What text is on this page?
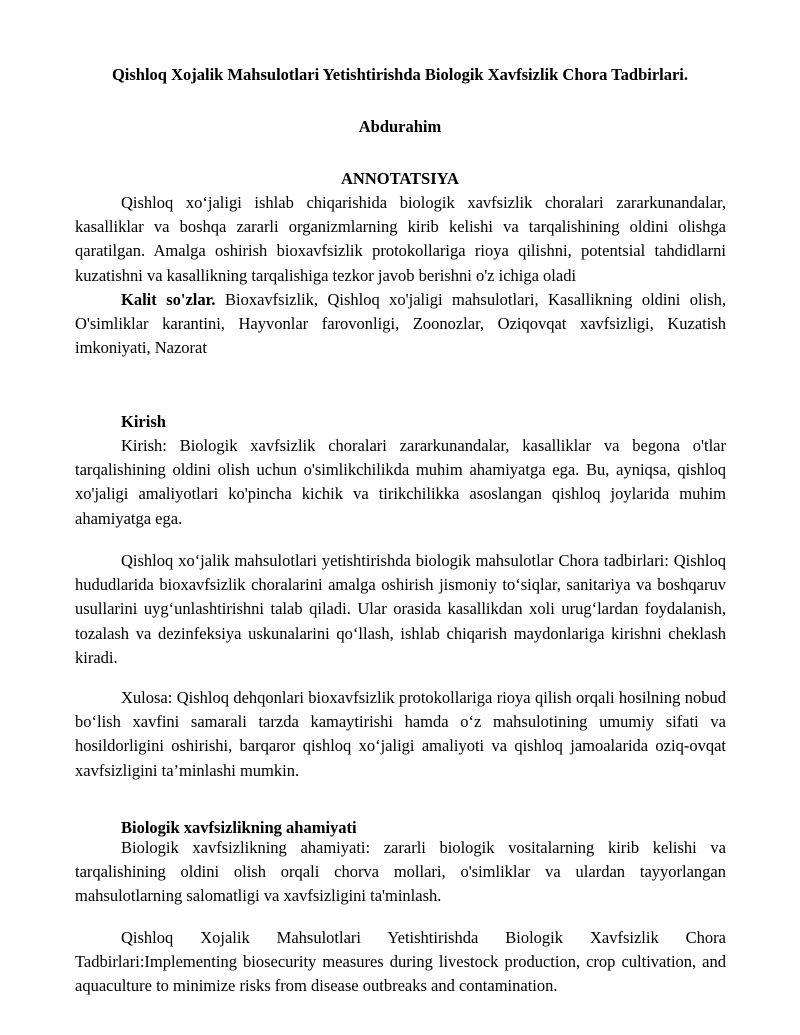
Qishloq Xojalik Mahsulotlari Yetishtirishda Biologik Xavfsizlik Chora Tadbirlari.
Abdurahim
ANNOTATSIYA

Qishloq xo‘jaligi ishlab chiqarishida biologik xavfsizlik choralari zararkunandalar, kasalliklar va boshqa zararli organizmlarning kirib kelishi va tarqalishining oldini olishga qaratilgan. Amalga oshirish bioxavfsizlik protokollariga rioya qilishni, potentsial tahdidlarni kuzatishni va kasallikning tarqalishiga tezkor javob berishni o'z ichiga oladi

Kalit so'zlar. Bioxavfsizlik, Qishloq xo'jaligi mahsulotlari, Kasallikning oldini olish, O'simliklar karantini, Hayvonlar farovonligi, Zoonozlar, Oziqovqat xavfsizligi, Kuzatish imkoniyati, Nazorat

Kirish

Kirish: Biologik xavfsizlik choralari zararkunandalar, kasalliklar va begona o'tlar tarqalishining oldini olish uchun o'simlikchilikda muhim ahamiyatga ega. Bu, ayniqsa, qishloq xo'jaligi amaliyotlari ko'pincha kichik va tirikchilikka asoslangan qishloq joylarida muhim ahamiyatga ega.

Qishloq xo‘jalik mahsulotlari yetishtirishda biologik mahsulotlar Chora tadbirlari: Qishloq hududlarida bioxavfsizlik choralarini amalga oshirish jismoniy to‘siqlar, sanitariya va boshqaruv usullarini uyg‘unlashtirishni talab qiladi. Ular orasida kasallikdan xoli urug‘lardan foydalanish, tozalash va dezinfeksiya uskunalarini qo‘llash, ishlab chiqarish maydonlariga kirishni cheklash kiradi.

Xulosa: Qishloq dehqonlari bioxavfsizlik protokollariga rioya qilish orqali hosilning nobud bo‘lish xavfini samarali tarzda kamaytirishi hamda o‘z mahsulotining umumiy sifati va hosildorligini oshirishi, barqaror qishloq xo‘jaligi amaliyoti va qishloq jamoalarida oziq-ovqat xavfsizligini ta’minlashi mumkin.

Biologik xavfsizlikning ahamiyati

Biologik xavfsizlikning ahamiyati: zararli biologik vositalarning kirib kelishi va tarqalishining oldini olish orqali chorva mollari, o'simliklar va ulardan tayyorlangan mahsulotlarning salomatligi va xavfsizligini ta'minlash.

Qishloq Xojalik Mahsulotlari Yetishtirishda Biologik Xavfsizlik Chora Tadbirlari:Implementing biosecurity measures during livestock production, crop cultivation, and aquaculture to minimize risks from disease outbreaks and contamination.
